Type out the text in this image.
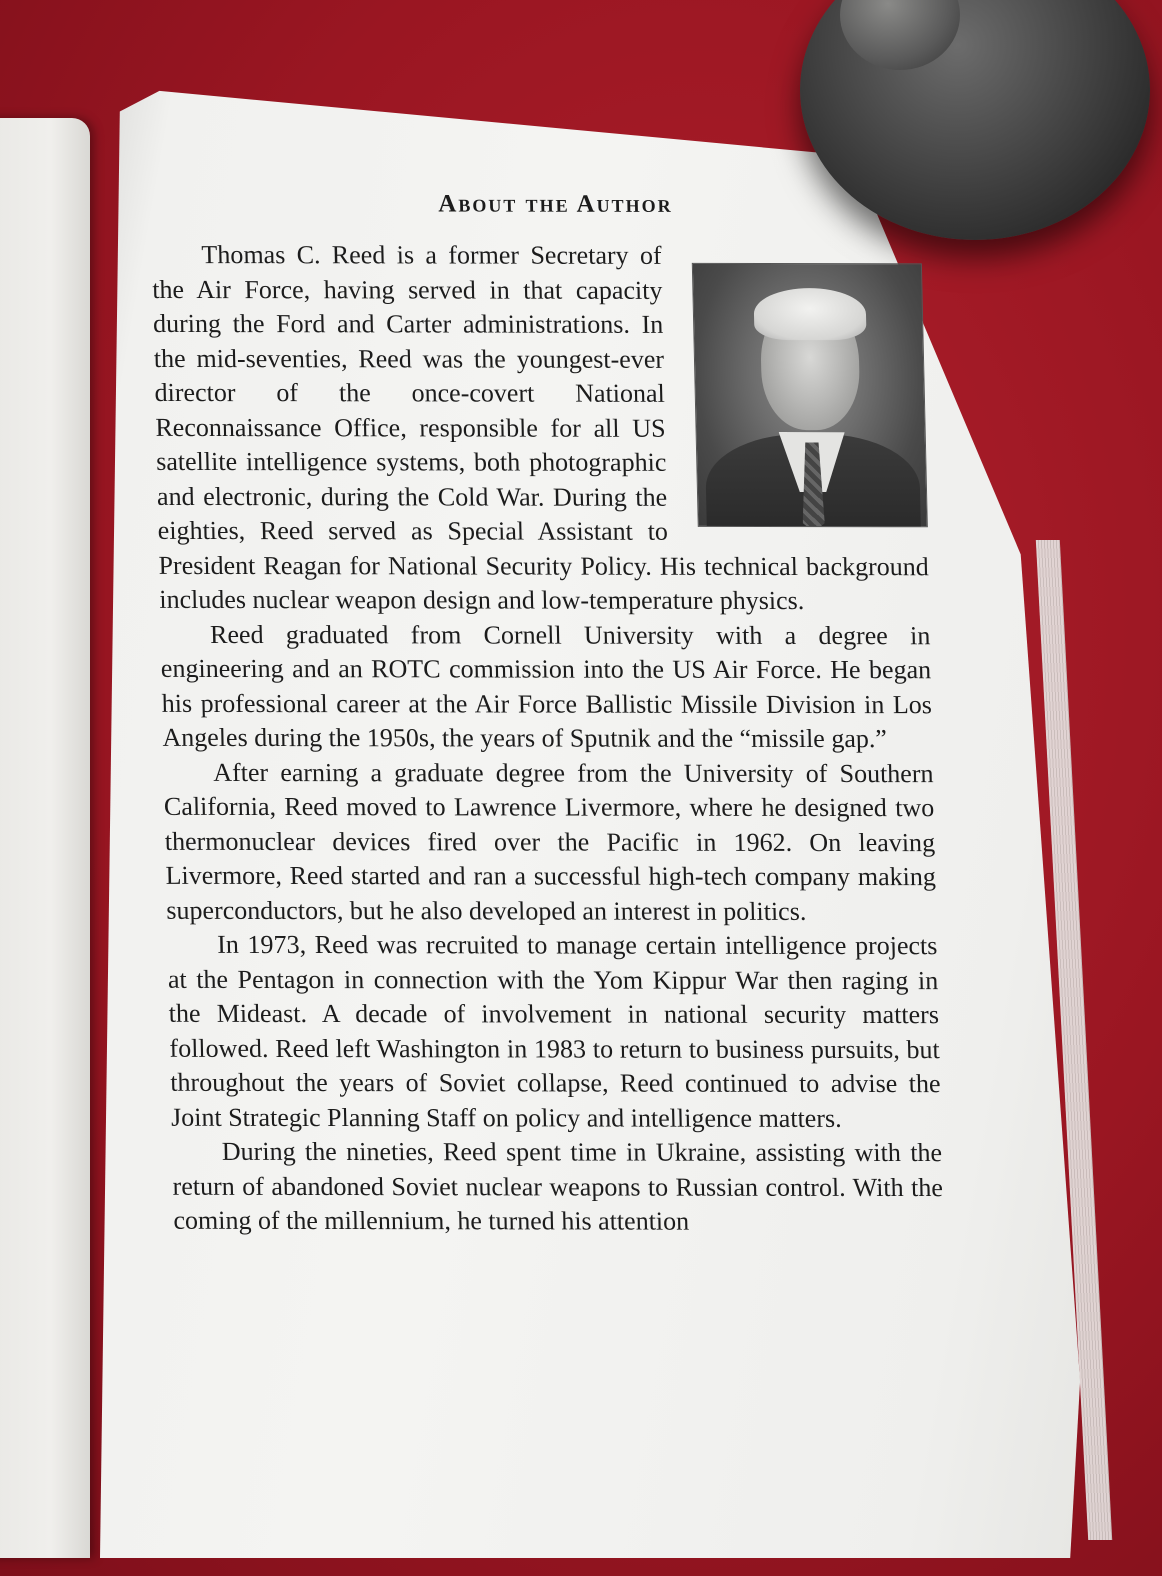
About the Author

Thomas C. Reed is a former Secretary of the Air Force, having served in that capacity during the Ford and Carter administrations. In the mid-seventies, Reed was the youngest-ever director of the once-covert National Reconnaissance Office, responsible for all US satellite intelligence systems, both photographic and electronic, during the Cold War. During the eighties, Reed served as Special Assistant to President Reagan for National Security Policy. His technical background includes nuclear weapon design and low-temperature physics.

Reed graduated from Cornell University with a degree in engineering and an ROTC commission into the US Air Force. He began his professional career at the Air Force Ballistic Missile Division in Los Angeles during the 1950s, the years of Sputnik and the “missile gap.”

After earning a graduate degree from the University of Southern California, Reed moved to Lawrence Livermore, where he designed two thermonuclear devices fired over the Pacific in 1962. On leaving Livermore, Reed started and ran a successful high-tech company making superconductors, but he also developed an interest in politics.

In 1973, Reed was recruited to manage certain intelligence projects at the Pentagon in connection with the Yom Kippur War then raging in the Mideast. A decade of involvement in national security matters followed. Reed left Washington in 1983 to return to business pursuits, but throughout the years of Soviet collapse, Reed continued to advise the Joint Strategic Planning Staff on policy and intelligence matters.

During the nineties, Reed spent time in Ukraine, assisting with the return of abandoned Soviet nuclear weapons to Russian control. With the coming of the millennium, he turned his attention
